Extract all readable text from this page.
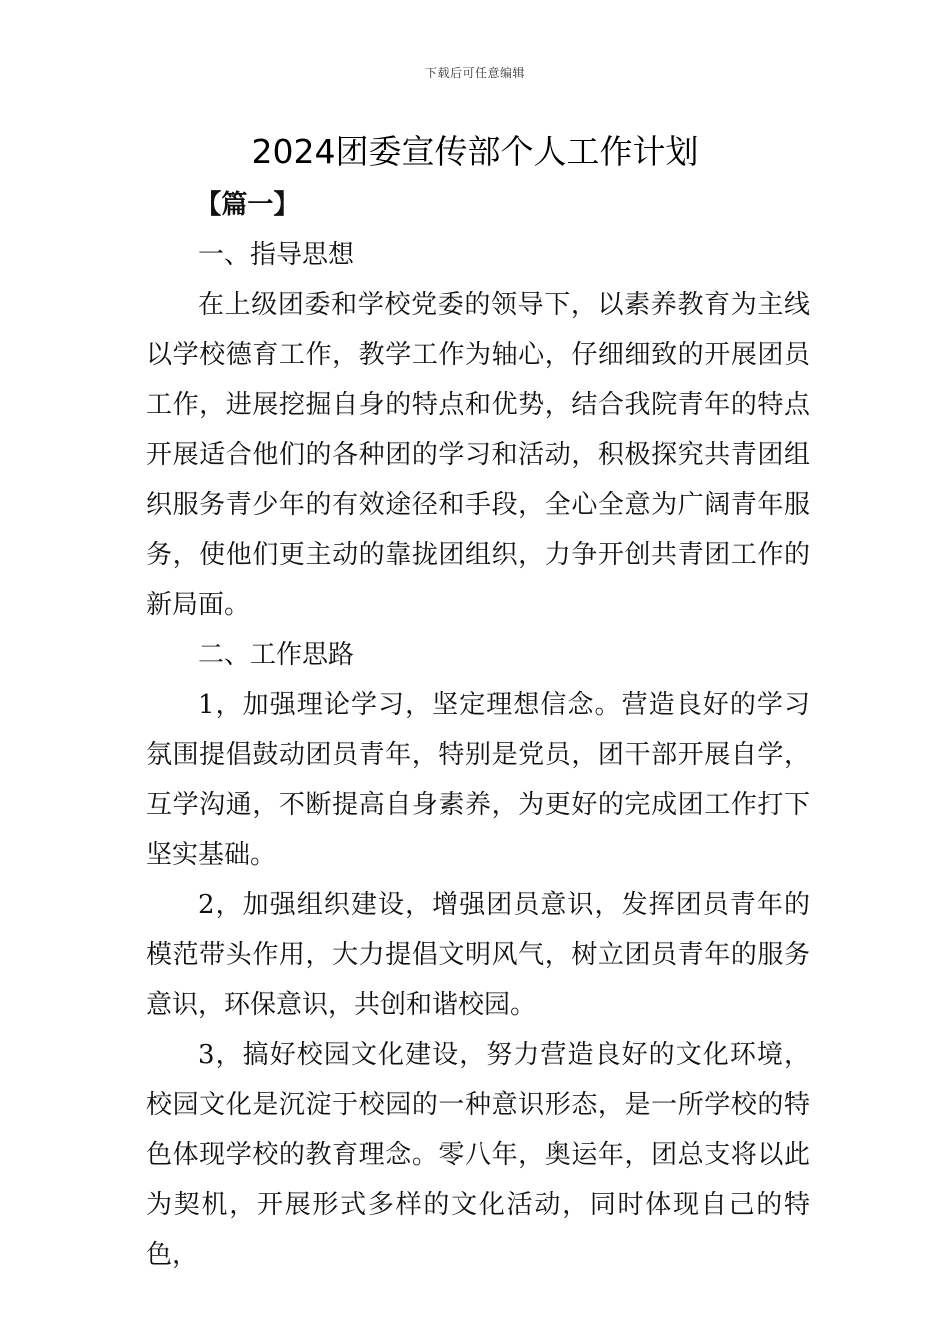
下载后可任意编辑
2024团委宣传部个人工作计划

【篇一】

一、指导思想

在上级团委和学校党委的领导下，以素养教育为主线以学校德育工作，教学工作为轴心，仔细细致的开展团员工作，进展挖掘自身的特点和优势，结合我院青年的特点开展适合他们的各种团的学习和活动，积极探究共青团组织服务青少年的有效途径和手段，全心全意为广阔青年服务，使他们更主动的靠拢团组织，力争开创共青团工作的新局面。

二、工作思路

1，加强理论学习，坚定理想信念。营造良好的学习氛围提倡鼓动团员青年，特别是党员，团干部开展自学，互学沟通，不断提高自身素养，为更好的完成团工作打下坚实基础。

2，加强组织建设，增强团员意识，发挥团员青年的模范带头作用，大力提倡文明风气，树立团员青年的服务意识，环保意识，共创和谐校园。

3，搞好校园文化建设，努力营造良好的文化环境，校园文化是沉淀于校园的一种意识形态，是一所学校的特色体现学校的教育理念。零八年，奥运年，团总支将以此为契机，开展形式多样的文化活动，同时体现自己的特色，
